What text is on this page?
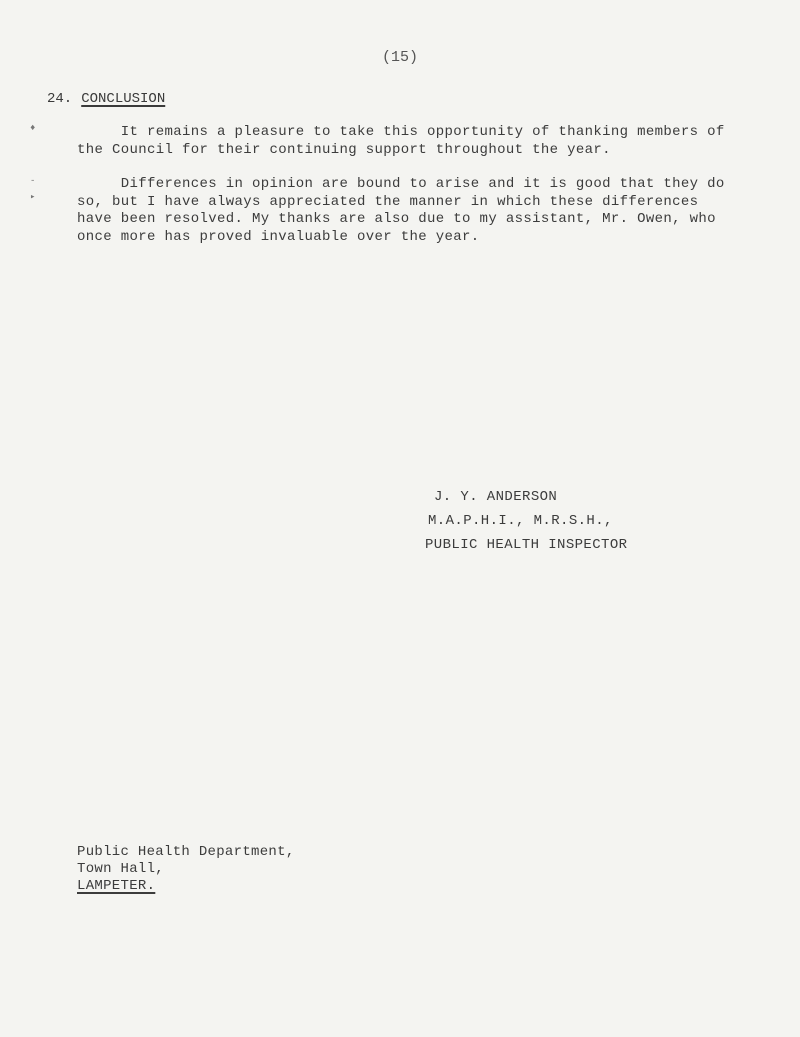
(15)
24. CONCLUSION
♦
-
▸
It remains a pleasure to take this opportunity of thanking members of
the Council for their continuing support throughout the year.
Differences in opinion are bound to arise and it is good that they do
so, but I have always appreciated the manner in which these differences
have been resolved. My thanks are also due to my assistant, Mr. Owen, who
once more has proved invaluable over the year.
J. Y. ANDERSON
M.A.P.H.I., M.R.S.H.,
PUBLIC HEALTH INSPECTOR
Public Health Department,
Town Hall,
LAMPETER.
